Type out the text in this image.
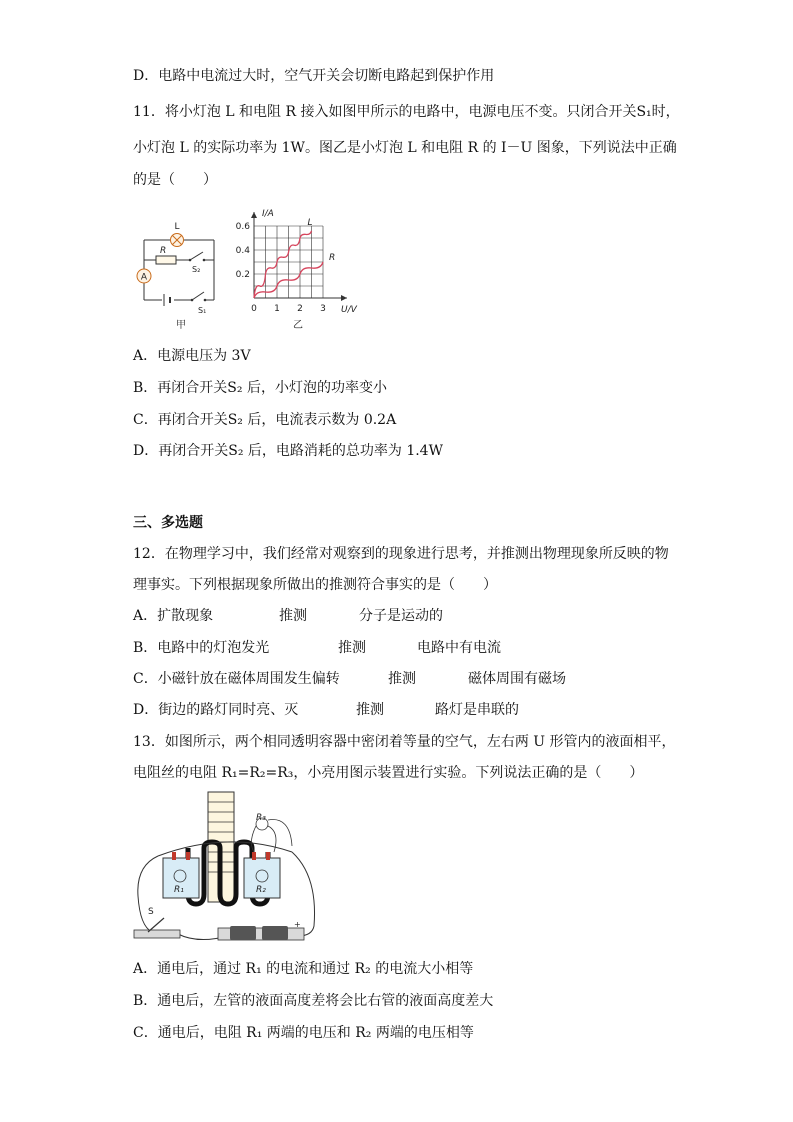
D．电路中电流过大时，空气开关会切断电路起到保护作用
11．将小灯泡 L 和电阻 R 接入如图甲所示的电路中，电源电压不变。只闭合开关S₁时，
小灯泡 L 的实际功率为 1W。图乙是小灯泡 L 和电阻 R 的 I－U 图象，下列说法中正确
的是（　　）
A
L
R
S₂
S₁
甲
0 1 2 3
0.2
0.4
0.6	L
R
I/A
U/V
乙
A．电源电压为 3V
B．再闭合开关S₂ 后，小灯泡的功率变小
C．再闭合开关S₂ 后，电流表示数为 0.2A
D．再闭合开关S₂ 后，电路消耗的总功率为 1.4W
三、多选题
12．在物理学习中，我们经常对观察到的现象进行思考，并推测出物理现象所反映的物
理事实。下列根据现象所做出的推测符合事实的是（　　）
A．扩散现象	推测	分子是运动的
B．电路中的灯泡发光	推测	电路中有电流
C．小磁针放在磁体周围发生偏转	推测	磁体周围有磁场
D．街边的路灯同时亮、灭	推测	路灯是串联的
13．如图所示，两个相同透明容器中密闭着等量的空气，左右两 U 形管内的液面相平，
电阻丝的电阻 R₁=R₂=R₃，小亮用图示装置进行实验。下列说法正确的是（　　）
+
R₃
R₁	R₂
S
A．通电后，通过 R₁ 的电流和通过 R₂ 的电流大小相等
B．通电后，左管的液面高度差将会比右管的液面高度差大
C．通电后，电阻 R₁ 两端的电压和 R₂ 两端的电压相等
